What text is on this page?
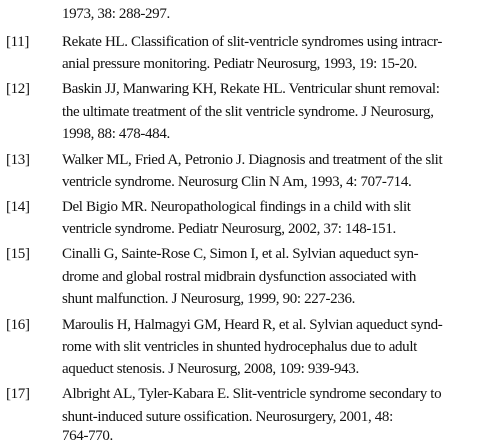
1973, 38: 288-297.
[11] Rekate HL. Classification of slit-ventricle syndromes using intracr-
anial pressure monitoring. Pediatr Neurosurg, 1993, 19: 15-20.
[12] Baskin JJ, Manwaring KH, Rekate HL. Ventricular shunt removal:
the ultimate treatment of the slit ventricle syndrome. J Neurosurg,
1998, 88: 478-484.
[13] Walker ML, Fried A, Petronio J. Diagnosis and treatment of the slit
ventricle syndrome. Neurosurg Clin N Am, 1993, 4: 707-714.
[14] Del Bigio MR. Neuropathological findings in a child with slit
ventricle syndrome. Pediatr Neurosurg, 2002, 37: 148-151.
[15] Cinalli G, Sainte-Rose C, Simon I, et al. Sylvian aqueduct syn-
drome and global rostral midbrain dysfunction associated with
shunt malfunction. J Neurosurg, 1999, 90: 227-236.
[16] Maroulis H, Halmagyi GM, Heard R, et al. Sylvian aqueduct synd-
rome with slit ventricles in shunted hydrocephalus due to adult
aqueduct stenosis. J Neurosurg, 2008, 109: 939-943.
[17] Albright AL, Tyler-Kabara E. Slit-ventricle syndrome secondary to
shunt-induced suture ossification. Neurosurgery, 2001, 48:
764-770.
